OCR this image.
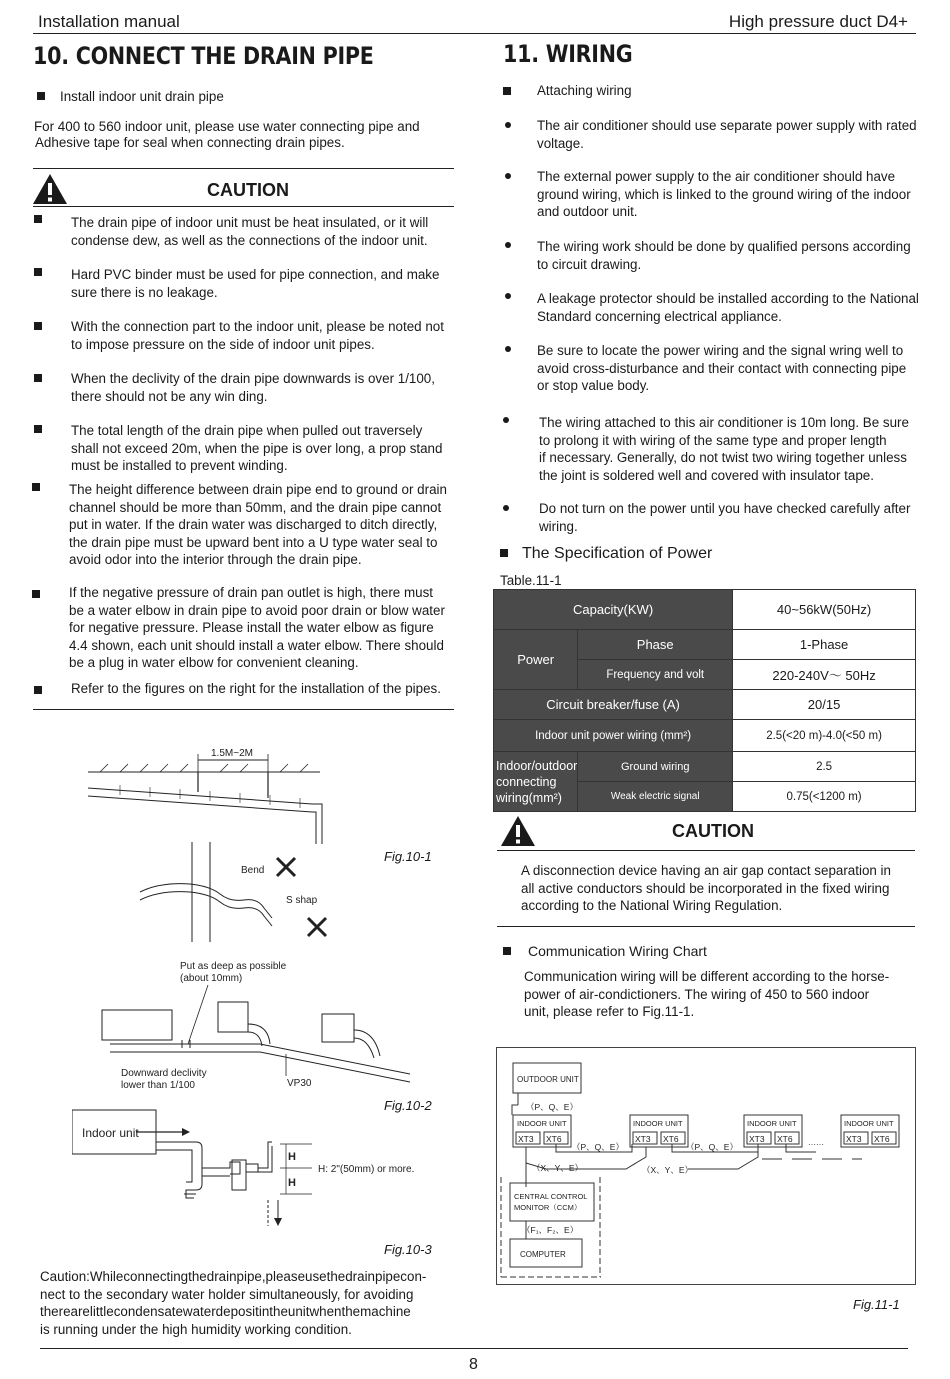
Installation manual	High pressure duct D4+
10. CONNECT THE DRAIN PIPE
Install indoor unit drain pipe
For 400 to 560 indoor unit, please use water connecting pipe and
Adhesive tape for seal when connecting drain pipes.
CAUTION
The drain pipe of indoor unit must be heat insulated, or it will
condense dew, as well as the connections of the indoor unit.
Hard PVC binder must be used for pipe connection, and make
sure there is no leakage.
With the connection part to the indoor unit, please be noted not
to impose pressure on the side of indoor unit pipes.
When the declivity of the drain pipe downwards is over 1/100,
there should not be any win ding.
The total length of the drain pipe when pulled out traversely
shall not exceed 20m, when the pipe is over long, a prop stand
must be installed to prevent winding.
The height difference between drain pipe end to ground or drain
channel should be more than 50mm, and the drain pipe cannot
put in water. If the drain water was discharged to ditch directly,
the drain pipe must be upward bent into a U type water seal to
avoid odor into the interior through the drain pipe.
If the negative pressure of drain pan outlet is high, there must
be a water elbow in drain pipe to avoid poor drain or blow water
for negative pressure. Please install the water elbow as figure
4.4 shown, each unit should install a water elbow. There should
be a plug in water elbow for convenient cleaning.
Refer to the figures on the right for the installation of the pipes.
1.5M~2M
Bend
S shap
Fig.10-1
Put as deep as possible
(about 10mm)
Downward declivity
lower than 1/100	VP30
Fig.10-2
Indoor unit
H
H
H: 2"(50mm) or more.
Fig.10-3
Caution:Whileconnectingthedrainpipe,pleaseusethedrainpipecon-
nect to the secondary water holder simultaneously, for avoiding
therearelittlecondensatewaterdepositintheunitwhenthemachine
is running under the high humidity working condition.
11. WIRING
Attaching wiring
The air conditioner should use separate power supply with rated
voltage.
The external power supply to the air conditioner should have
ground wiring, which is linked to the ground wiring of the indoor
and outdoor unit.
The wiring work should be done by qualified persons according
to circuit drawing.
A leakage protector should be installed according to the National
Standard concerning electrical appliance.
Be sure to locate the power wiring and the signal wring well to
avoid cross-disturbance and their contact with connecting pipe
or stop value body.
The wiring attached to this air conditioner is 10m long. Be sure
to prolong it with wiring of the same type and proper length
if necessary. Generally, do not twist two wiring together unless
the joint is soldered well and covered with insulator tape.
Do not turn on the power until you have checked carefully after
wiring.
The Specification of Power
Table.11-1
Capacity(KW)		40~56kW(50Hz)
Power	Phase	1-Phase
	Frequency and volt	220-240V～ 50Hz
Circuit breaker/fuse (A)		20/15
Indoor unit power wiring (mm²)		2.5(<20 m)-4.0(<50 m)

Indoor/outdoor
connecting
wiring(mm²)	Ground wiring	2.5
	Weak electric signal	0.75(<1200 m)
CAUTION
A disconnection device having an air gap contact separation in
all active conductors should be incorporated in the fixed wiring
according to the National Wiring Regulation.
Communication Wiring Chart
Communication wiring will be different according to the horse-
power of air-condictioners. The wiring of 450 to 560 indoor
unit, please refer to Fig.11-1.
OUTDOOR UNIT
（P、Q、E）
INDOOR UNIT
XT3 XT6
INDOOR UNIT
XT3 XT6
INDOOR UNIT
XT3 XT6
INDOOR UNIT
XT3 XT6
（P、Q、E）	（P、Q、E）	······
（X、Y、E）	（X、Y、E）
CENTRAL CONTROL
MONITOR（CCM）
（F₁、F₂、E）
COMPUTER
Fig.11-1
8
